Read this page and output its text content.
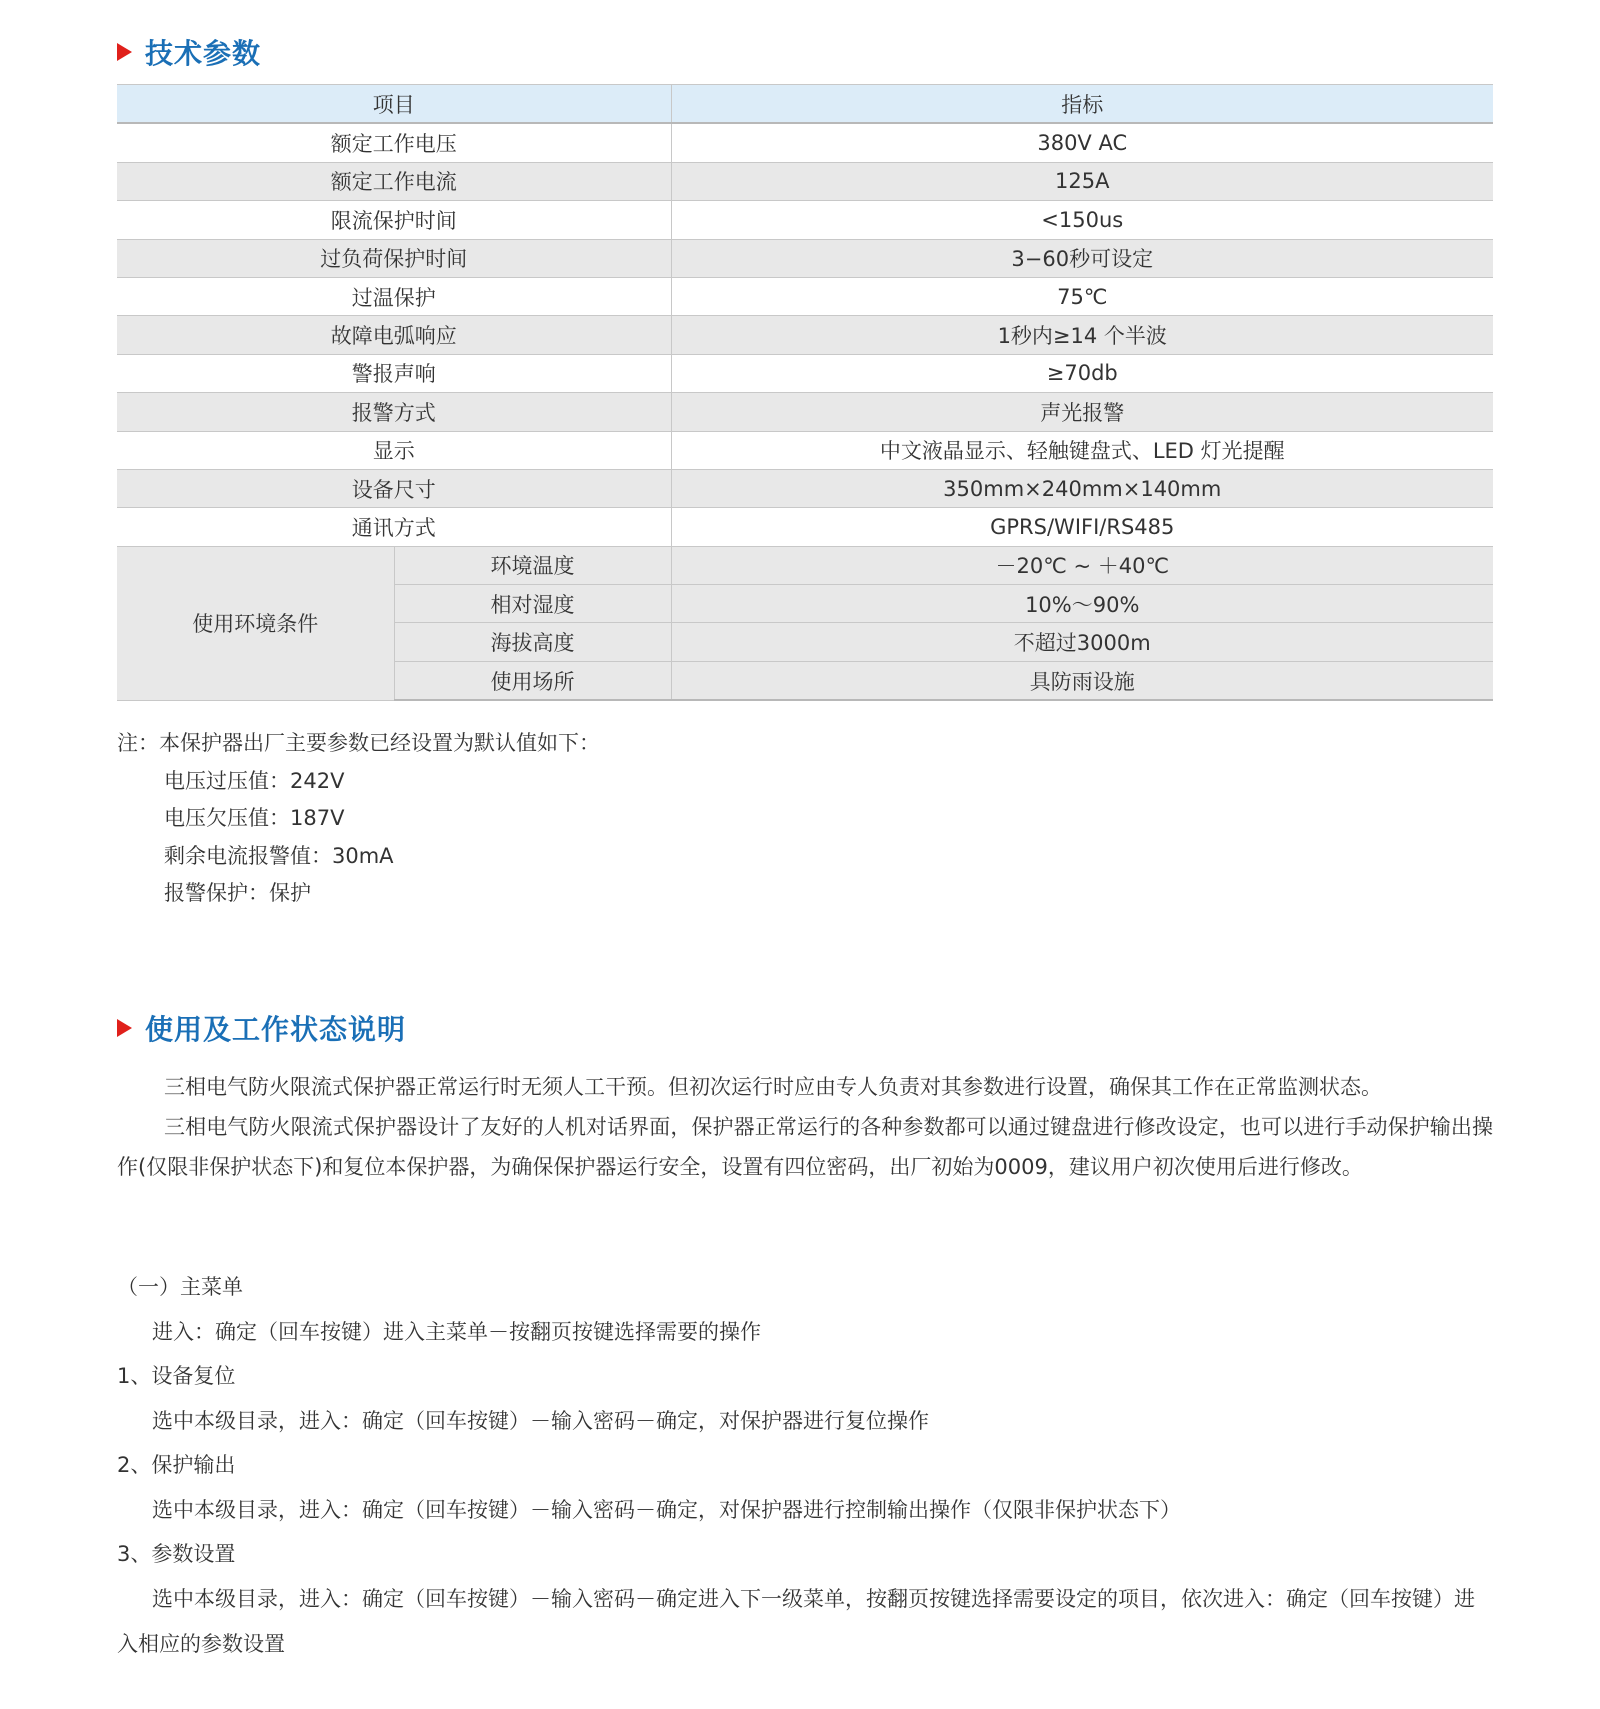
技术参数
项目		指标
额定工作电压		380V AC
额定工作电流		125A
限流保护时间		<150us
过负荷保护时间		3−60秒可设定
过温保护		75℃
故障电弧响应		1秒内≥14 个半波
警报声响		≥70db
报警方式		声光报警
显示		中文液晶显示、轻触键盘式、LED 灯光提醒
设备尺寸		350mm×240mm×140mm
通讯方式		GPRS/WIFI/RS485
使用环境条件	环境温度	－20℃ ~ ＋40℃
	相对湿度	10%～90%
	海拔高度	不超过3000m
	使用场所	具防雨设施
注：本保护器出厂主要参数已经设置为默认值如下：
电压过压值：242V
电压欠压值：187V
剩余电流报警值：30mA
报警保护：保护
使用及工作状态说明

三相电气防火限流式保护器正常运行时无须人工干预。但初次运行时应由专人负责对其参数进行设置，确保其工作在正常监测状态。

三相电气防火限流式保护器设计了友好的人机对话界面，保护器正常运行的各种参数都可以通过键盘进行修改设定，也可以进行手动保护输出操作(仅限非保护状态下)和复位本保护器，为确保保护器运行安全，设置有四位密码，出厂初始为0009，建议用户初次使用后进行修改。

（一）主菜单
进入：确定（回车按键）进入主菜单－按翻页按键选择需要的操作
1、设备复位
选中本级目录，进入：确定（回车按键）－输入密码－确定，对保护器进行复位操作
2、保护输出
选中本级目录，进入：确定（回车按键）－输入密码－确定，对保护器进行控制输出操作（仅限非保护状态下）
3、参数设置
选中本级目录，进入：确定（回车按键）－输入密码－确定进入下一级菜单，按翻页按键选择需要设定的项目，依次进入：确定（回车按键）进入相应的参数设置
